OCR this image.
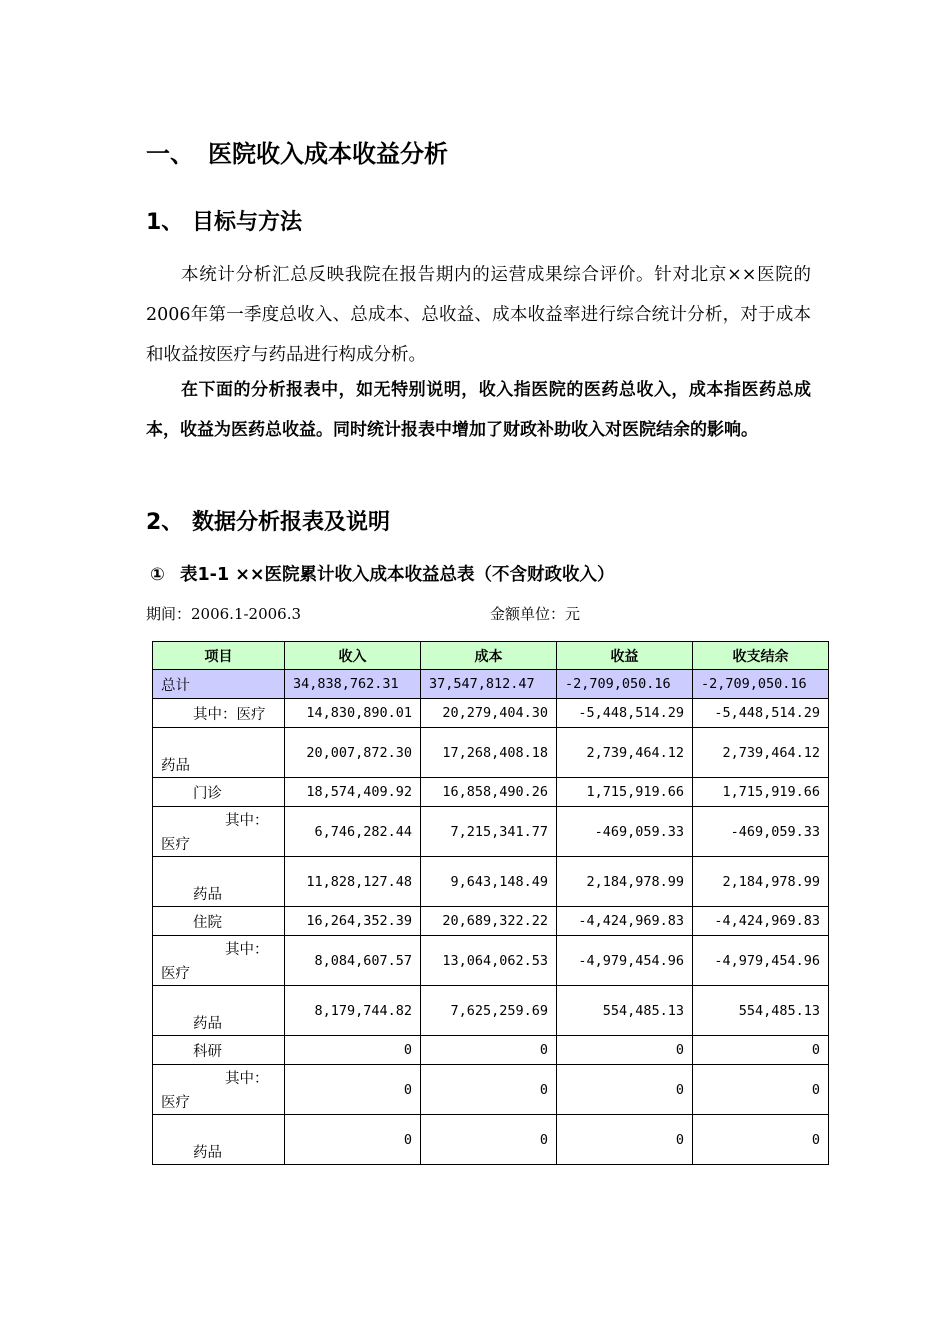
一、 医院收入成本收益分析
1、 目标与方法

本统计分析汇总反映我院在报告期内的运营成果综合评价。针对北京××医院的2006年第一季度总收入、总成本、总收益、成本收益率进行综合统计分析，对于成本和收益按医疗与药品进行构成分析。

在下面的分析报表中，如无特别说明，收入指医院的医药总收入，成本指医药总成本，收益为医药总收益。同时统计报表中增加了财政补助收入对医院结余的影响。

2、 数据分析报表及说明
① 表1-1 ××医院累计收入成本收益总表（不含财政收入）
期间：2006.1-2006.3	金额单位：元
项目	收入	成本	收益	收支结余
总计	34,838,762.31	37,547,812.47	-2,709,050.16	-2,709,050.16
其中：医疗	14,830,890.01	20,279,404.30	-5,448,514.29	-5,448,514.29

药品	20,007,872.30	17,268,408.18	2,739,464.12	2,739,464.12
门诊	18,574,409.92	16,858,490.26	1,715,919.66	1,715,919.66

其中：
医疗	6,746,282.44	7,215,341.77	-469,059.33	-469,059.33

药品	11,828,127.48	9,643,148.49	2,184,978.99	2,184,978.99
住院	16,264,352.39	20,689,322.22	-4,424,969.83	-4,424,969.83

其中：
医疗	8,084,607.57	13,064,062.53	-4,979,454.96	-4,979,454.96

药品	8,179,744.82	7,625,259.69	554,485.13	554,485.13
科研	0	0	0	0

其中：
医疗	0	0	0	0

药品	0	0	0	0
